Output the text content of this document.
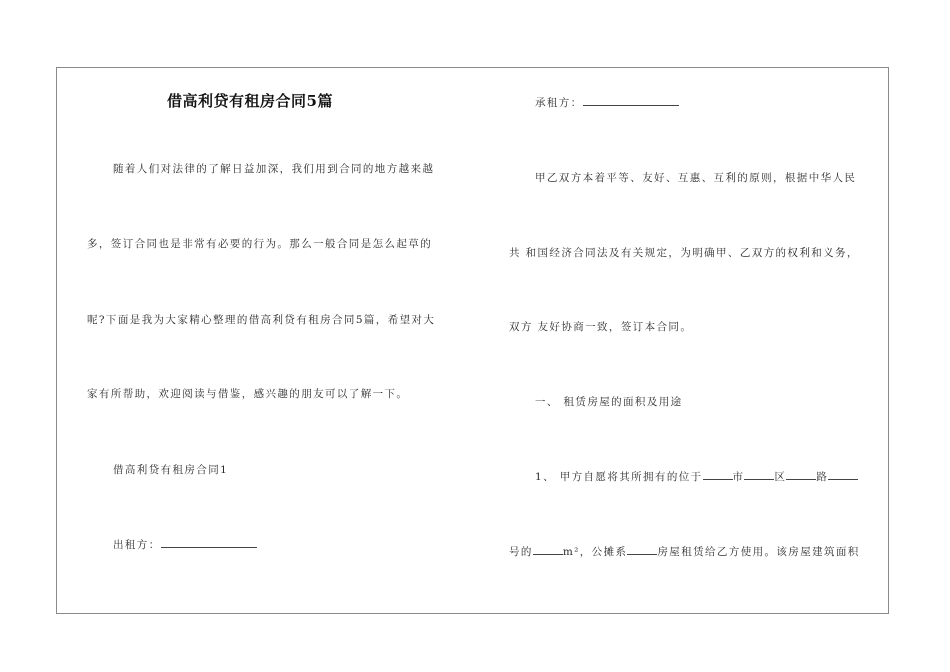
借高利贷有租房合同5篇
随着人们对法律的了解日益加深，我们用到合同的地方越来越
多，签订合同也是非常有必要的行为。那么一般合同是怎么起草的
呢?下面是我为大家精心整理的借高利贷有租房合同5篇，希望对大
家有所帮助，欢迎阅读与借鉴，感兴趣的朋友可以了解一下。
借高利贷有租房合同1
出租方：
承租方：
甲乙双方本着平等、友好、互惠、互利的原则，根据中华人民
共 和国经济合同法及有关规定，为明确甲、乙双方的权利和义务，
双方 友好协商一致，签订本合同。
一、 租赁房屋的面积及用途
1、 甲方自愿将其所拥有的位于	市	区	路
号的	m²，公摊系	房屋租赁给乙方使用。该房屋建筑面积
